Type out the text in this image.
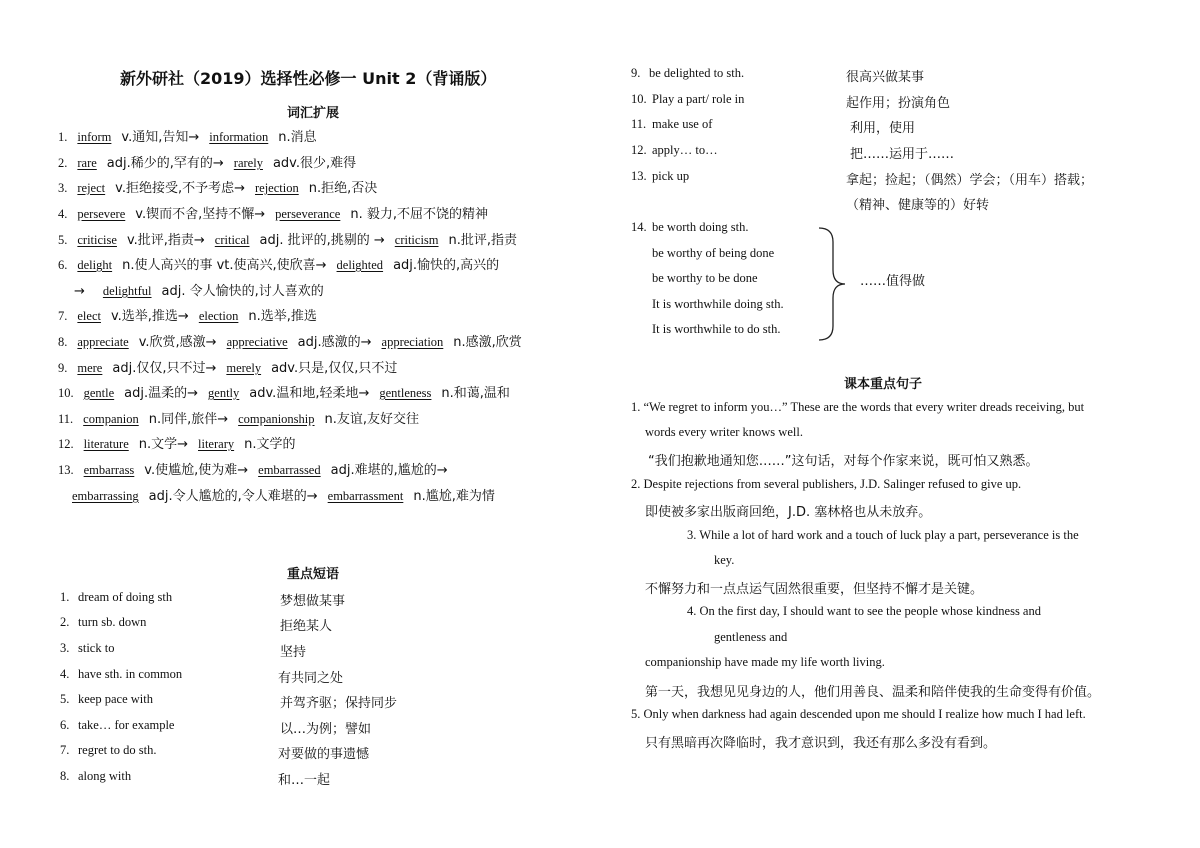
新外研社（2019）选择性必修一 Unit 2（背诵版）
词汇扩展
1. inform v.通知,告知→ information n.消息
2. rare adj.稀少的,罕有的→ rarely adv.很少,难得
3. reject v.拒绝接受,不予考虑→ rejection n.拒绝,否决
4. persevere v.锲而不舍,坚持不懈→ perseverance n. 毅力,不屈不饶的精神
5. criticise v.批评,指责→ critical adj. 批评的,挑剔的 → criticism n.批评,指责
6. delight n.使人高兴的事 vt.使高兴,使欣喜→ delighted adj.愉快的,高兴的
→ delightful adj. 令人愉快的,讨人喜欢的
7. elect v.选举,推选→ election n.选举,推选
8. appreciate v.欣赏,感激→ appreciative adj.感激的→ appreciation n.感激,欣赏
9. mere adj.仅仅,只不过→ merely adv.只是,仅仅,只不过
10. gentle adj.温柔的→ gently adv.温和地,轻柔地→ gentleness n.和蔼,温和
11. companion n.同伴,旅伴→ companionship n.友谊,友好交往
12. literature n.文学→ literary n.文学的
13. embarrass v.使尴尬,使为难→ embarrassed adj.难堪的,尴尬的→
embarrassing adj.令人尴尬的,令人难堪的→ embarrassment n.尴尬,难为情
重点短语
1. dream of doing sth	梦想做某事
2. turn sb. down	拒绝某人
3. stick to	坚持
4. have sth. in common	有共同之处
5. keep pace with	并驾齐驱；保持同步
6. take… for example	以…为例；譬如
7. regret to do sth.	对要做的事遗憾
8. along with	和…一起
9. be delighted to sth.	很高兴做某事
10. Play a part/ role in	起作用；扮演角色
11. make use of	利用，使用
12. apply… to…	把……运用于……
13. pick up	拿起；捡起；（偶然）学会；（用车）搭载；
（精神、健康等的）好转
14. be worth doing sth.
be worthy of being done
be worthy to be done
It is worthwhile doing sth.
It is worthwhile to do sth.
……值得做
课本重点句子
1. “We regret to inform you…” These are the words that every writer dreads receiving, but
words every writer knows well.
“我们抱歉地通知您……”这句话，对每个作家来说，既可怕又熟悉。
2. Despite rejections from several publishers, J.D. Salinger refused to give up.
即使被多家出版商回绝，J.D. 塞林格也从未放弃。
3. While a lot of hard work and a touch of luck play a part, perseverance is the
key.
不懈努力和一点点运气固然很重要，但坚持不懈才是关键。
4. On the first day, I should want to see the people whose kindness and
gentleness and
companionship have made my life worth living.
第一天，我想见见身边的人，他们用善良、温柔和陪伴使我的生命变得有价值。
5. Only when darkness had again descended upon me should I realize how much I had left.
只有黑暗再次降临时，我才意识到，我还有那么多没有看到。
